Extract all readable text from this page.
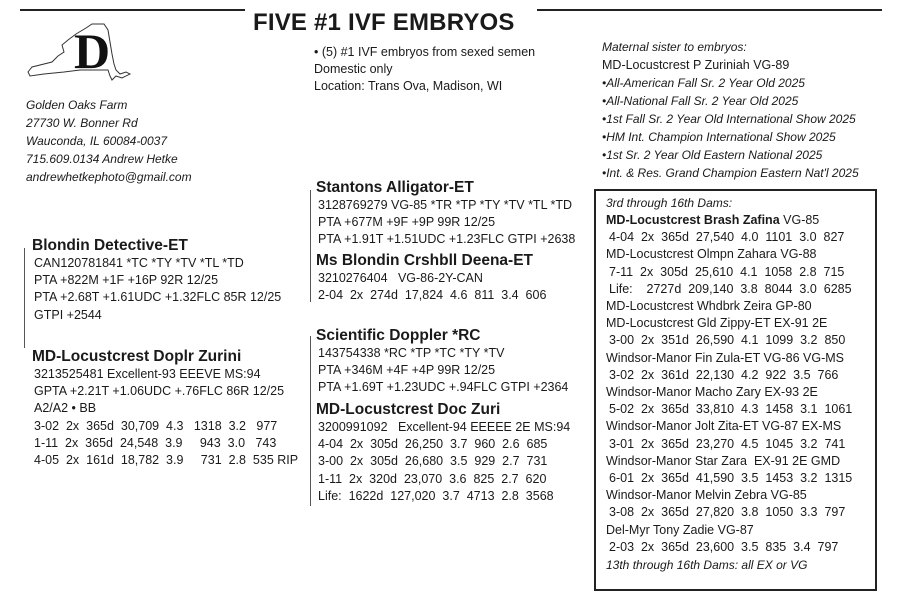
FIVE #1 IVF EMBRYOS
D
Golden Oaks Farm
27730 W. Bonner Rd
Wauconda, IL 60084-0037
715.609.0134 Andrew Hetke
andrewhetkephoto@gmail.com
• (5) #1 IVF embryos from sexed semen
Domestic only
Location: Trans Ova, Madison, WI
Maternal sister to embryos:
MD-Locustcrest P Zuriniah VG-89
•All-American Fall Sr. 2 Year Old 2025
•All-National Fall Sr. 2 Year Old 2025
•1st Fall Sr. 2 Year Old International Show 2025
•HM Int. Champion International Show 2025
•1st Sr. 2 Year Old Eastern National 2025
•Int. & Res. Grand Champion Eastern Nat'l 2025
Blondin Detective-ET
CAN120781841 *TC *TY *TV *TL *TD
PTA +822M +1F +16P 92R 12/25
PTA +2.68T +1.61UDC +1.32FLC 85R 12/25
GTPI +2544
MD-Locustcrest Doplr Zurini
3213525481 Excellent-93 EEEVE MS:94
GPTA +2.21T +1.06UDC +.76FLC 86R 12/25
A2/A2 • BB
3-02  2x  365d  30,709  4.3   1318  3.2   977
1-11  2x  365d  24,548  3.9     943  3.0   743
4-05  2x  161d  18,782  3.9     731  2.8  535 RIP
Stantons Alligator-ET
3128769279 VG-85 *TR *TP *TY *TV *TL *TD
PTA +677M +9F +9P 99R 12/25
PTA +1.91T +1.51UDC +1.23FLC GTPI +2638
Ms Blondin Crshbll Deena-ET
3210276404   VG-86-2Y-CAN
2-04  2x  274d  17,824  4.6  811  3.4  606
Scientific Doppler *RC
143754338 *RC *TP *TC *TY *TV
PTA +346M +4F +4P 99R 12/25
PTA +1.69T +1.23UDC +.94FLC GTPI +2364
MD-Locustcrest Doc Zuri
3200991092   Excellent-94 EEEEE 2E MS:94
4-04  2x  305d  26,250  3.7  960  2.6  685
3-00  2x  305d  26,680  3.5  929  2.7  731
1-11  2x  320d  23,070  3.6  825  2.7  620
Life:  1622d  127,020  3.7  4713  2.8  3568
3rd through 16th Dams:
MD-Locustcrest Brash Zafina VG-85
4-04  2x  365d  27,540  4.0  1101  3.0  827
MD-Locustcrest Olmpn Zahara VG-88
7-11  2x  305d  25,610  4.1  1058  2.8  715
Life:    2727d  209,140  3.8  8044  3.0  6285
MD-Locustcrest Whdbrk Zeira GP-80
MD-Locustcrest Gld Zippy-ET EX-91 2E
3-00  2x  351d  26,590  4.1  1099  3.2  850
Windsor-Manor Fin Zula-ET VG-86 VG-MS
3-02  2x  361d  22,130  4.2  922  3.5  766
Windsor-Manor Macho Zary EX-93 2E
5-02  2x  365d  33,810  4.3  1458  3.1  1061
Windsor-Manor Jolt Zita-ET VG-87 EX-MS
3-01  2x  365d  23,270  4.5  1045  3.2  741
Windsor-Manor Star Zara  EX-91 2E GMD
6-01  2x  365d  41,590  3.5  1453  3.2  1315
Windsor-Manor Melvin Zebra VG-85
3-08  2x  365d  27,820  3.8  1050  3.3  797
Del-Myr Tony Zadie VG-87
2-03  2x  365d  23,600  3.5  835  3.4  797
13th through 16th Dams: all EX or VG
